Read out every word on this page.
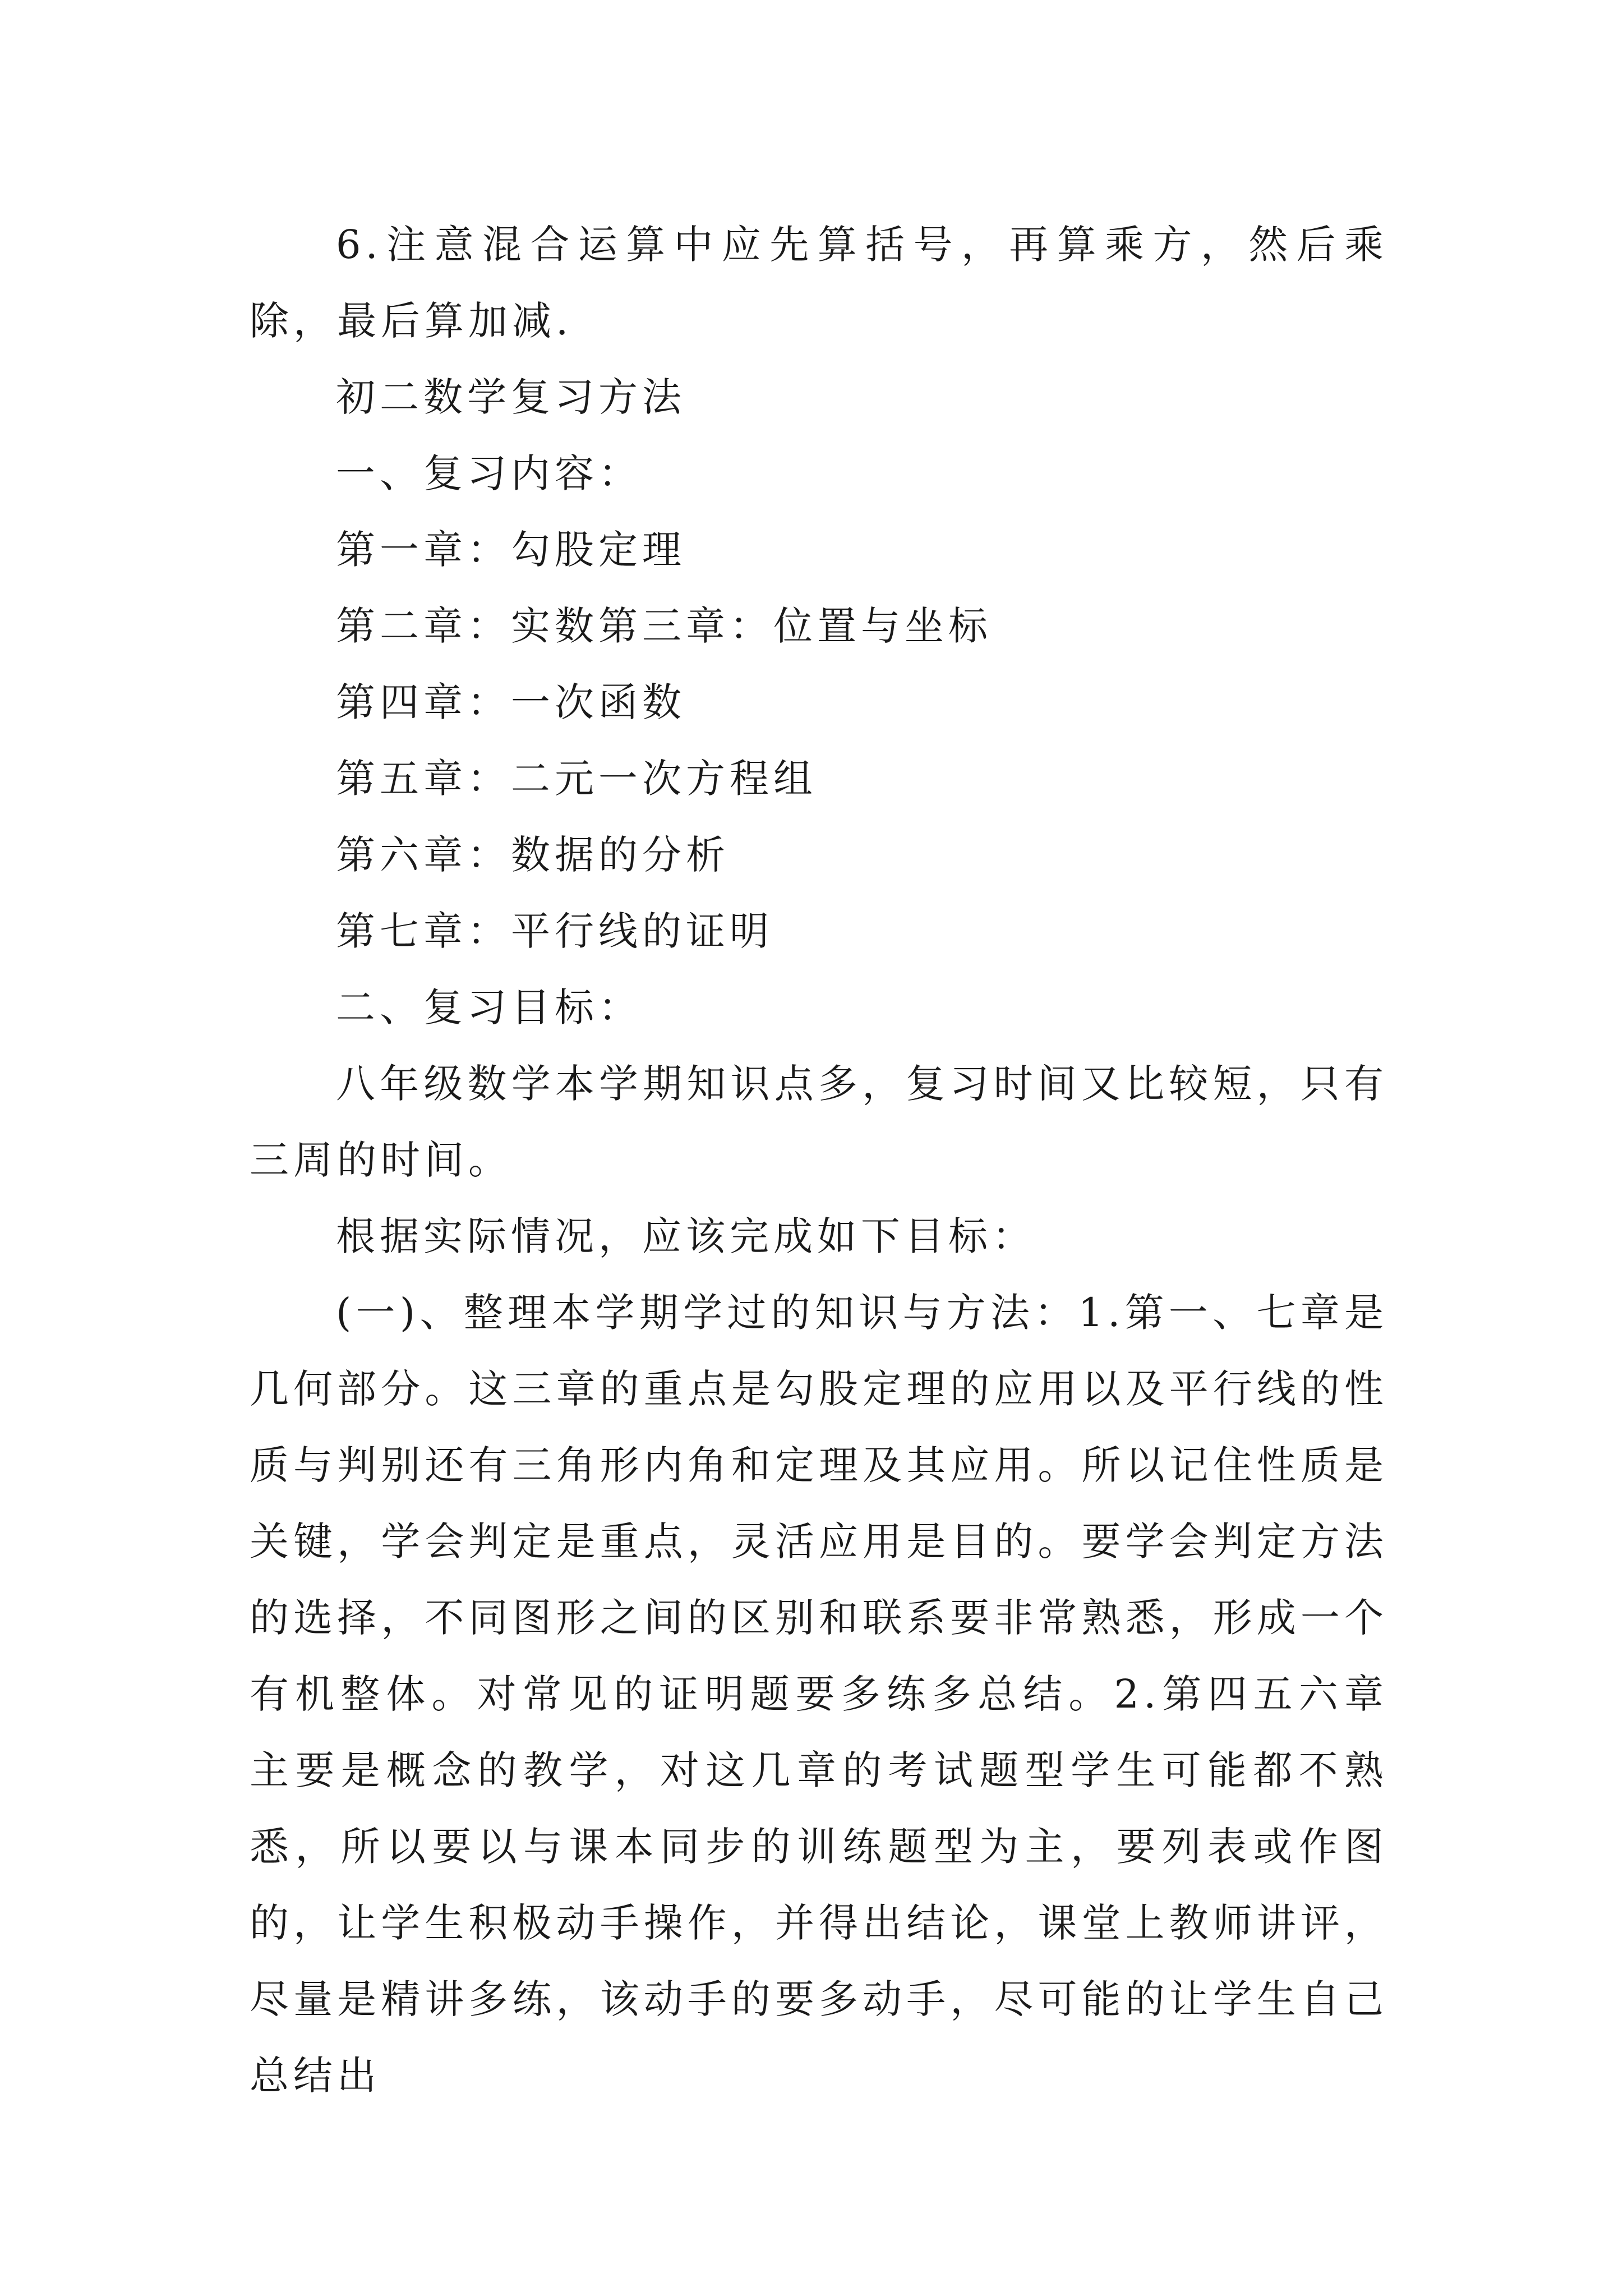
6.注意混合运算中应先算括号，再算乘方，然后乘除，最后算加减.

初二数学复习方法

一、复习内容：

第一章：勾股定理

第二章：实数第三章：位置与坐标

第四章：一次函数

第五章：二元一次方程组

第六章：数据的分析

第七章：平行线的证明

二、复习目标：

八年级数学本学期知识点多，复习时间又比较短，只有三周的时间。

根据实际情况，应该完成如下目标：

(一)、整理本学期学过的知识与方法：1.第一、七章是几何部分。这三章的重点是勾股定理的应用以及平行线的性质与判别还有三角形内角和定理及其应用。所以记住性质是关键，学会判定是重点，灵活应用是目的。要学会判定方法的选择，不同图形之间的区别和联系要非常熟悉，形成一个有机整体。对常见的证明题要多练多总结。2.第四五六章主要是概念的教学，对这几章的考试题型学生可能都不熟悉，所以要以与课本同步的训练题型为主，要列表或作图的，让学生积极动手操作，并得出结论，课堂上教师讲评，尽量是精讲多练，该动手的要多动手，尽可能的让学生自己总结出
